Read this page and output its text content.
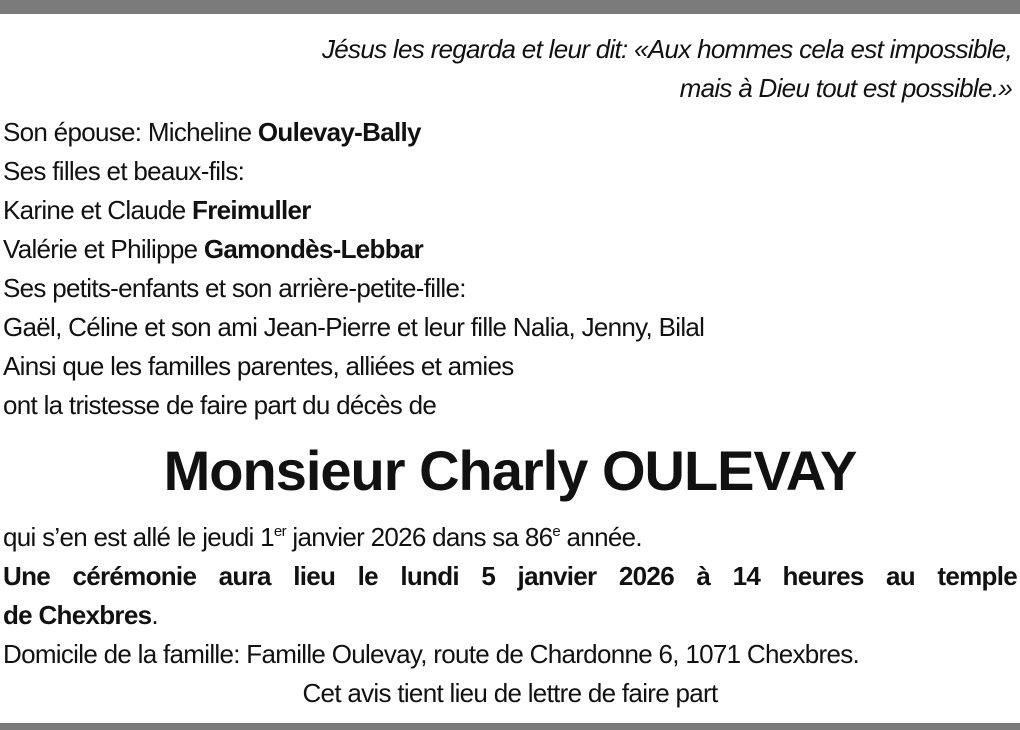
Jésus les regarda et leur dit: «Aux hommes cela est impossible,
mais à Dieu tout est possible.»
Son épouse: Micheline Oulevay-Bally
Ses filles et beaux-fils:
Karine et Claude Freimuller
Valérie et Philippe Gamondès-Lebbar
Ses petits-enfants et son arrière-petite-fille:
Gaël, Céline et son ami Jean-Pierre et leur fille Nalia, Jenny, Bilal
Ainsi que les familles parentes, alliées et amies
ont la tristesse de faire part du décès de
Monsieur Charly OULEVAY
qui s’en est allé le jeudi 1er janvier 2026 dans sa 86e année.
Une cérémonie aura lieu le lundi 5 janvier 2026 à 14 heures au temple
de Chexbres.
Domicile de la famille: Famille Oulevay, route de Chardonne 6, 1071 Chexbres.
Cet avis tient lieu de lettre de faire part
